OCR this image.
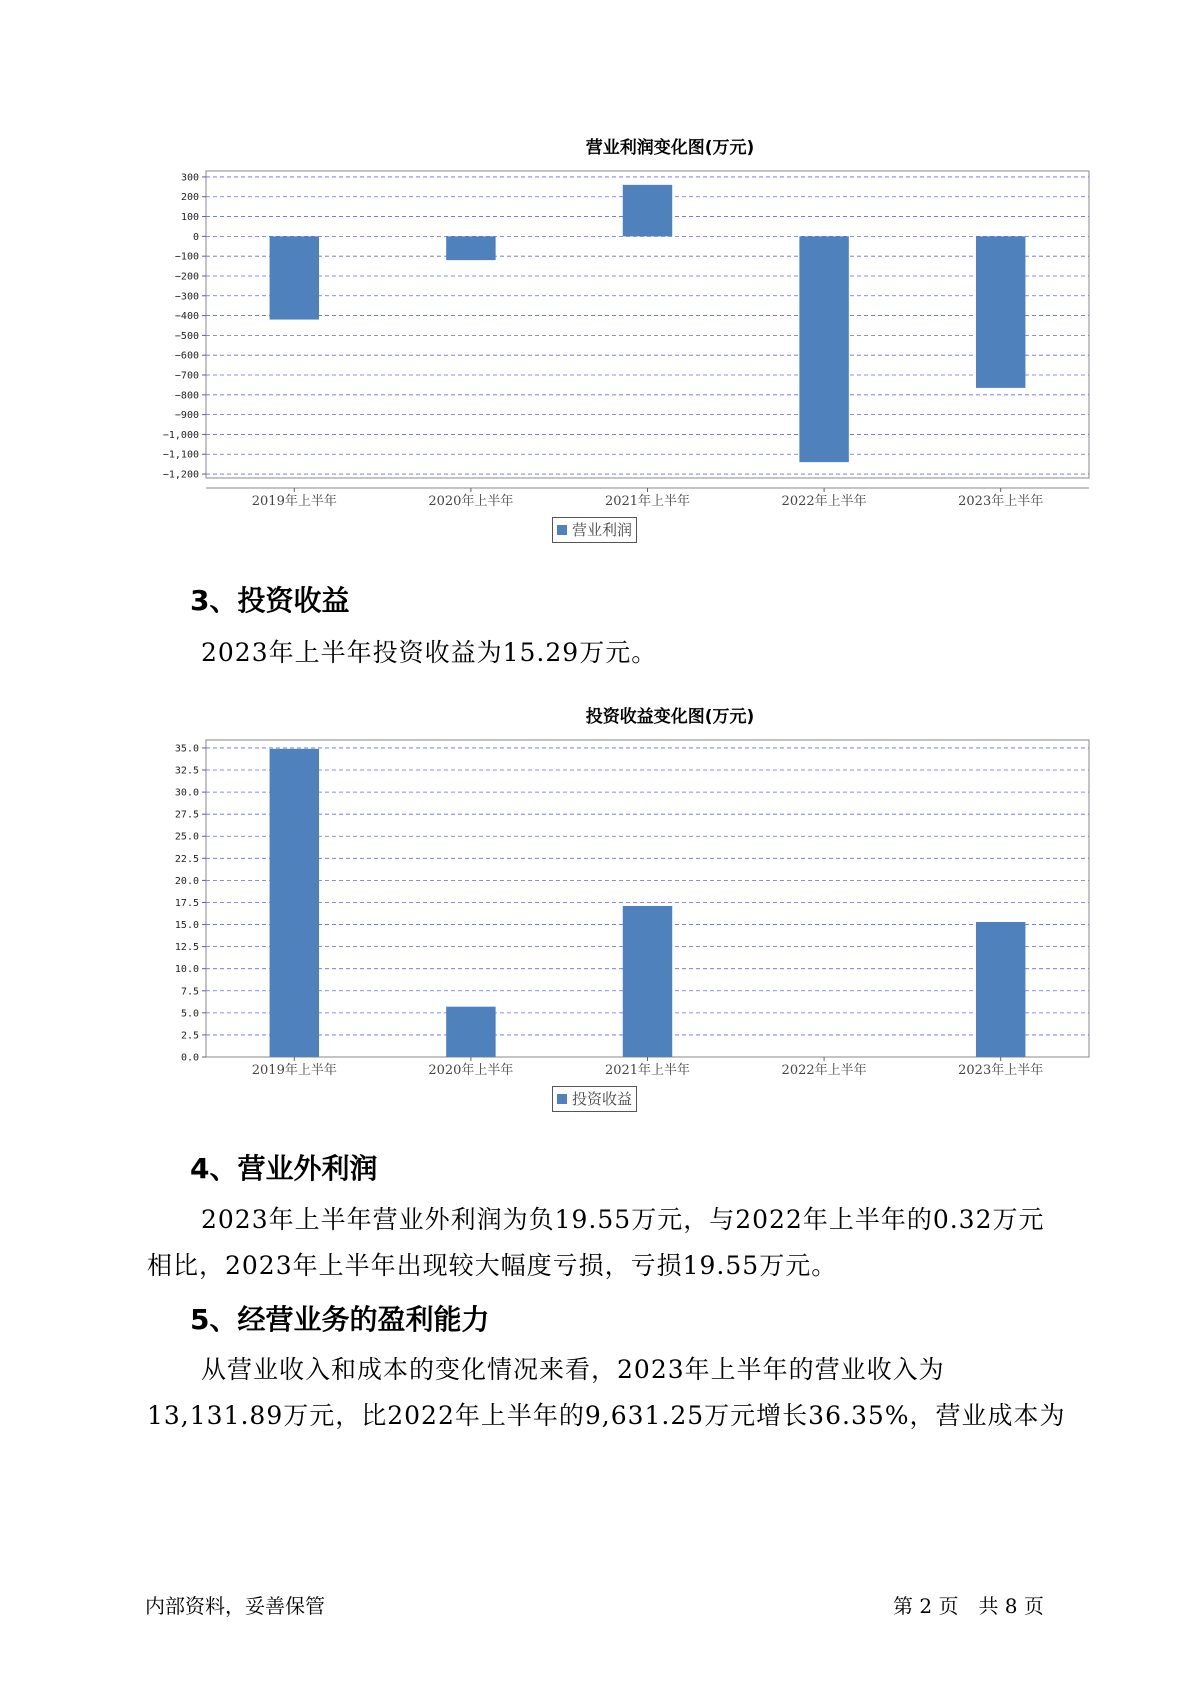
营业利润变化图(万元)
300
200
100
0
−100
−200
−300
−400
−500
−600
−700
−800
−900
−1,000
−1,100
−1,200
2019年上半年	2020年上半年	2021年上半年	2022年上半年	2023年上半年
营业利润
3、投资收益
2023年上半年投资收益为15.29万元。
投资收益变化图(万元)
35.0
32.5
30.0
27.5
25.0
22.5
20.0
17.5
15.0
12.5
10.0
7.5
5.0
2.5
0.0
2019年上半年	2020年上半年	2021年上半年	2022年上半年	2023年上半年
投资收益
4、营业外利润
2023年上半年营业外利润为负19.55万元，与2022年上半年的0.32万元相比，2023年上半年出现较大幅度亏损，亏损19.55万元。
5、经营业务的盈利能力
从营业收入和成本的变化情况来看，2023年上半年的营业收入为13,131.89万元，比2022年上半年的9,631.25万元增长36.35%，营业成本为
内部资料，妥善保管	第 2 页　共 8 页
